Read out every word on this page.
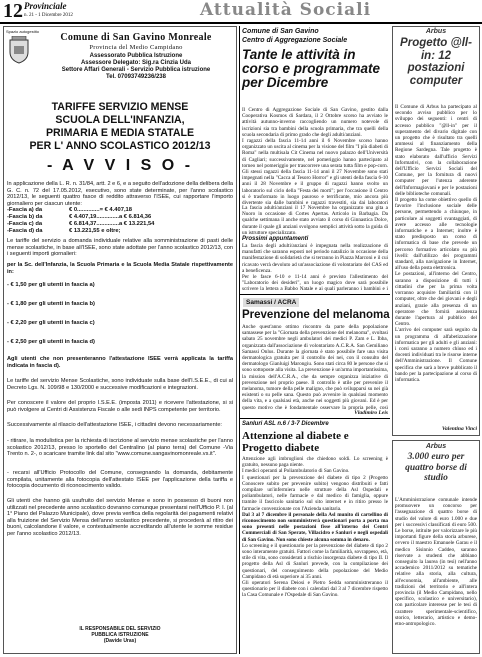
12 Provinciale
n. 21 - 1 Dicembre 2012	Attualità Sociali
Spazio autogestito
Comune di San Gavino Monreale
Provincia del Medio Campidano
Assessorato Pubblica Istruzione
Assessore Delegato: Sig.ra Cinzia Uda
Settore Affari Generali - Servizio Pubblica istruzione
Tel. 07093749236/238
TARIFFE SERVIZIO MENSE
SCUOLA DELL'INFANZIA,
PRIMARIA E MEDIA STATALE
PER L' ANNO SCOLASTICO 2012/13
- A V V I S O -

In applicazione della L. R. n. 31/84, artt. 2 e 6, e a seguito dell'adozione della delibera della G. C. n. 72 del 17.05.2012, esecutivo, sono state determinate, per l'anno scolastico 2012/13, le seguenti quattro fasce di reddito attraverso l'ISEE, cui rapportare l'importo giornaliero per ciascun utente:

-Fascia a) da	€ 0..............= € 4.407,18
-Fascia b) da	€ 4.407,19..............a € 6.814,36
-Fascia c) da	€ 6.814,37..............a € 13.221,54
-Fascia d) da	€ 13.221,55 e oltre;

Le tariffe del servizio a domanda individuale relative alla somministrazione di pasti delle mense scolastiche, in base all'ISEE, sono state adottate per l'anno scolastico 2012/13, con i seguenti importi giornalieri:

per la Sc. dell'Infanzia, la Scuola Primaria e la Scuola Media Statale rispettivamente in:

- € 1,50 per gli utenti in fascia a)
- € 1,80 per gli utenti in fascia b)
- € 2,20 per gli utenti in fascia c)
- € 2,50 per gli utenti in fascia d)

Agli utenti che non presenteranno l'attestazione ISEE verrà applicata la tariffa indicata in fascia d).

Le tariffe del servizio Mense Scolastiche, sono individuate sulla base dell'I.S.E.E., di cui al Decreto Lgs. N. 109/98 e 130/2000 e successive modificazioni e integrazioni.

Per conoscere il valore del proprio I.S.E.E. (imposta 2011) e ricevere l'attestazione, si si può rivolgere ai Centri di Assistenza Fiscale o alle sedi INPS competente per territorio.

Successivamente al rilascio dell'attestazione ISEE, i cittadini devono necessariamente:

- ritirare, la modulistica per la richiesta di iscrizione al servizio mense scolastiche per l'anno scolastico 2012/13, presso lo sportello del Centralino (al piano terra) del Comune -Via Trento n. 2-, o scaricare tramite link dal sito "www.comune.sangavinomonreale.vs.it".

- recarsi all'Ufficio Protocollo del Comune, consegnando la domanda, debitamente compilata, unitamente alla fotocopia dell'attestato ISEE per l'applicazione della tariffa e fotocopia documento di riconoscimento valido.

Gli utenti che hanno già usufruito del servizio Mense e sono in possesso di buoni non utilizzati nel precedente anno scolastico dovranno comunque presentarsi nell'Ufficio P. I. (al 1° Piano del Palazzo Municipale), dove previa verifica della regolarità dei pagamenti relativi alla fruizione del Servizio Mensa dell'anno scolastico precedente, si procederà al ritiro dei buoni, calcolandone il valore, e contestualmente accreditando all'utente le somme residue per l'anno scolastico 2012/13.

IL RESPONSABILE DEL SERVIZIO
PUBBLICA ISTRUZIONE
(Davide Uras)
Comune di San Gavino
Centro di Aggregazione Sociale
Tante le attività in corso e programmate per Dicembre

Il Centro di Aggregazione Sociale di San Gavino, gestito dalla Cooperativa Kosmos di Sardara, il 2 Ottobre scorso ha avviato le attività autunno-inverno raccogliendo un numero notevole di iscrizioni sia tra bambini della scuola primaria, che tra quelli della scuola secondaria di primo grado che degli adulti/anziani.

I ragazzi della fascia 11-14 anni il 6 Novembre scorso hanno organizzato un uscita al cinema per la visione del film "I pìù diabeti di Roma" nella multisala Cit Cinema nel nuovo palazzo dell'Università di Cagliari; successivamente, nel pomeriggio hanno partecipato al torneo nel pomeriggio per trascorrere una serata tutta film e pop-corn. Gli stessi ragazzi della fascia 11-14 anni il 27 Novembre sono stati impegnati nella "Cacca al Tesoro Horror" e gli utenti della fascia 6-10 anni il 28 Novembre e il gruppo di ragazzi hanno svolto un laboratorio sul ciclo della "Festa dei morti"; per l'occasione il Centro si è trasformato in luogo pauroso e terrificante, mio ancora più divertente sia dalle bambini e ragazzi travestiti, sia dai laboratori

La fascia adulti/anziani il 17 Novembre ha organizzato una gita a Nuoro in occasione di Cortes Apertas. Articolo in Barbagia. Da qualche settimana il anche stato avviato il corso di Ginnastica Dolce, durante il quale gli anziani svolgono semplici attività sotto la guida di un istruttore specializzato.

Prossimi appuntamenti

La fascia degli adulti/anziani è impegnata nella realizzazione di manufatti che saranno esposti nel periodo natalizio in occasione della manifestazione di solidarietà che si terranno in Piazza Marconi e il cui ricavato verrà devoluto ad un'associazione di volontariato del CAS ed a beneficenza.

Per le fasce 6-10 e 11-14 anni è previsto l'allestimento del "Laboratorio dei desideri", un luogo magico dove sarà possibile scrivere la lettera a Babbo Natale e ai quali parleranno i bambini e i

Samassi / ACRA
Prevenzione del melanoma

Anche quest'anno ottimo riscontro da parte della popolazione samassese per la "Giornata della prevenzione del melanoma", svoltasi sabato 25 novembre negli ambulatori dei medici P. Zam e L. Ibba, organizzata dall'associazione di volontariato A.C.R.A. San Gemiliano Samassi Onlus. Durante la giornata è stato possibile fare una visita dermatologica gratuita per il controllo dei nei, con il consulto del dermatologo Gianluigi Marongiu. Sono stati circa 80 le persone che si sono sottoposte alla visita. La prevenzione è un'arma importantissima, la mission dell'A.C.R.A., che da sempre organizza iniziative di prevenzione nel proprio paese. Il controllo è utile per prevenire il melanoma, tumore della pelle maligno, che può svilupparsi su nei già esistenti o su pelle sana. Questo può avvenire in qualsiasi momento della vita, e a qualsiasi età, anche nei soggetti più giovani. Ed è per questo motivo che è fondamentale osservare la propria pelle, così

Vladimiro Leis
Sanluri ASL n.6 / 3-7 Dicembre
Attenzione al diabete e Progetto diabete

Attenzione agli imbroglioni che chiedono soldi. Lo screening è gratuito, nessuno paga niente.

I medici operanti al Poliambulatorio di San Gavino.

I questionari per la prevenzione del diabete di tipo 2 (Progetto Conoscere subito per prevenire subito) vengono distribuiti e fatti compilare un'infermiera nelle strutture della Asl Ospedali e poliambulatori, nelle farmacie e dal medico di famiglia, oppure tramite il fascicolo sanitario sul sito internet e in ritiro presso le farmacie convenzionate con l'Azienda sanitaria.

Dal 3 al 7 dicembre il personale della Asl munito di cartellino di riconoscimento non somministrerà questionari porta a porta ma sono presenti nelle postazioni fisse all'interno dei Centri Commerciali di San Sperate, Villacidro e Sanluri e negli ospedali di San Gavino. Non sono chieste alcuna somma in denaro.

Lo screening e il questionario per la prevenzione del diabete di tipo 2 sono interamente gratuiti. Fattori come la familiarità, sovrappeso, età, stile di vita, sono considerati a rischio insorgenza diabete di tipo II. Il progetto della Asl di Sanluri prevede, con la compilazione dei questionari, del conseguimento della popolazione del Medio Campidano di età superiore ai 35 anni.

Gli operatori Serena Deiosi e Pietro Sedda somministreranno il questionario per il diabete con i calendari dal 3 al 7 dicembre rispetto la Casa Comunale e l'Ospedale di San Gavino.

Arbus
Progetto @ll-in: 12 postazioni computer

Il Comune di Arbus ha partecipato al secondo avviso pubblico per lo sviluppo dei seguenti: i centri di accesso pubblico "@ll-in" per il superamento del divario digitale con un progetto che è risultato tra quelli ammessi al finanziamento della Regione Sardegna. Tale progetto è stato elaborato dall'ufficio Servizi Informativi, con la collaborazione dell'Ufficio Servizi Sociali del Comune, per la fornitura di nuovi computer per l'utenza aderente dell'Informagiovani e per le postazioni delle biblioteche comunali.

Il progetto ha come obiettivo quello di favorire l'inclusione sociale delle persone, permettendo a chiunque, in particolare ai soggetti svantaggiati, di avere accesso alle tecnologie informatiche e a Internet; inoltre è stato predisposto un corso di informatica di base che prevede un percorso formativo articolato su più livelli: dall'utilizzo dei programmi standard, alla navigazione in Internet, all'uso della posta elettronica.

Le postazioni, all'interno del Centro, saranno a disposizione di tutti i cittadini che per la prima volta vorranno acquisire familiarità con il computer, oltre che dei giovani e degli anziani, grazie alla presenza di un operatore che fornirà assistenza durante l'apertura al pubblico del Centro.

L'arrivo dei computer sarà seguito da un programma di alfabetizzazione informatica per gli adulti e gli anziani: i corsi saranno a numero chiuso ed i docenti individuati tra le risorse interne dell'Amministrazione. Il Comune specifica che sarà a breve pubblicato il bando per la partecipazione al corso di informatica.

Valentina Vinci
Arbus
3.000 euro per quattro borse di studio

L'Amministrazione comunale intende promuovere un concorso per l'assegnazione di quattro borse di studio del valore di euro 1.000 e due per i successivi classificati di euro 500. Le borse, istituite per valorizzare le più importanti figure della storia arburese, ovvero il maestro Emanuele Garau e il medico Sisinnio Caddeo, saranno riservate a studenti che abbiano conseguito la laurea (in tesi) nell'anno accademico 2011/2012 su tematiche relative alla storia, alla cultura, all'economia, all'ambiente, alle tradizioni del territorio e all'intera provincia (il Medio Campidano, nello specifico, scolastico e universitario), con particolare interesse per le tesi di carattere sperimentale-scientifico, storico, letterario, artistico e demo-etno-antropologico.
